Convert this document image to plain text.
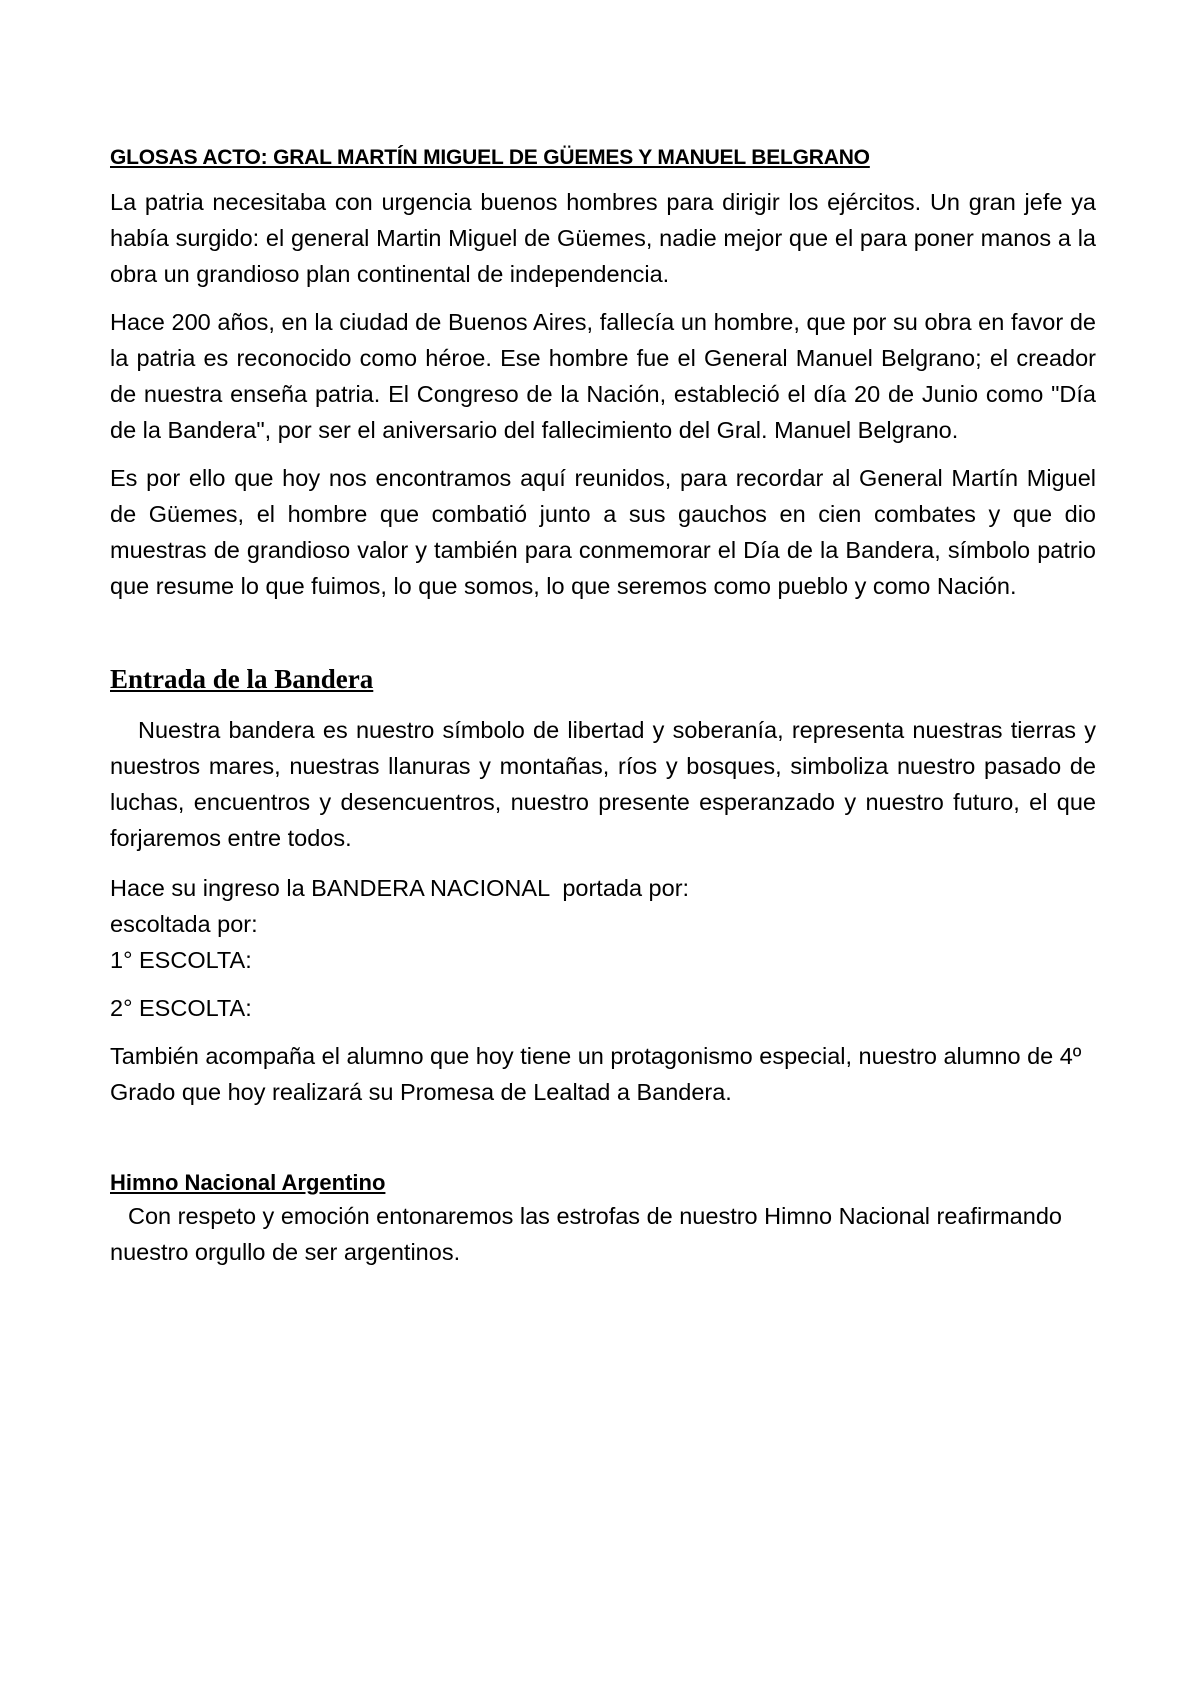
GLOSAS ACTO: GRAL MARTÍN MIGUEL DE GÜEMES Y MANUEL BELGRANO

La patria necesitaba con urgencia buenos hombres para dirigir los ejércitos. Un gran jefe ya había surgido: el general Martin Miguel de Güemes, nadie mejor que el para poner manos a la obra un grandioso plan continental de independencia.

Hace 200 años, en la ciudad de Buenos Aires, fallecía un hombre, que por su obra en favor de la patria es reconocido como héroe. Ese hombre fue el General Manuel Belgrano; el creador de nuestra enseña patria. El Congreso de la Nación, estableció el día 20 de Junio como "Día de la Bandera", por ser el aniversario del fallecimiento del Gral. Manuel Belgrano.

Es por ello que hoy nos encontramos aquí reunidos, para recordar al General Martín Miguel de Güemes, el hombre que combatió junto a sus gauchos en cien combates y que dio muestras de grandioso valor y también para conmemorar el Día de la Bandera, símbolo patrio que resume lo que fuimos, lo que somos, lo que seremos como pueblo y como Nación.

Entrada de la Bandera

Nuestra bandera es nuestro símbolo de libertad y soberanía, representa nuestras tierras y nuestros mares, nuestras llanuras y montañas, ríos y bosques, simboliza nuestro pasado de luchas, encuentros y desencuentros, nuestro presente esperanzado y nuestro futuro, el que forjaremos entre todos.

Hace su ingreso la BANDERA NACIONAL  portada por:

escoltada por:

1° ESCOLTA:

2° ESCOLTA:

También acompaña el alumno que hoy tiene un protagonismo especial, nuestro alumno de 4º Grado que hoy realizará su Promesa de Lealtad a Bandera.

Himno Nacional Argentino

Con respeto y emoción entonaremos las estrofas de nuestro Himno Nacional reafirmando nuestro orgullo de ser argentinos.
